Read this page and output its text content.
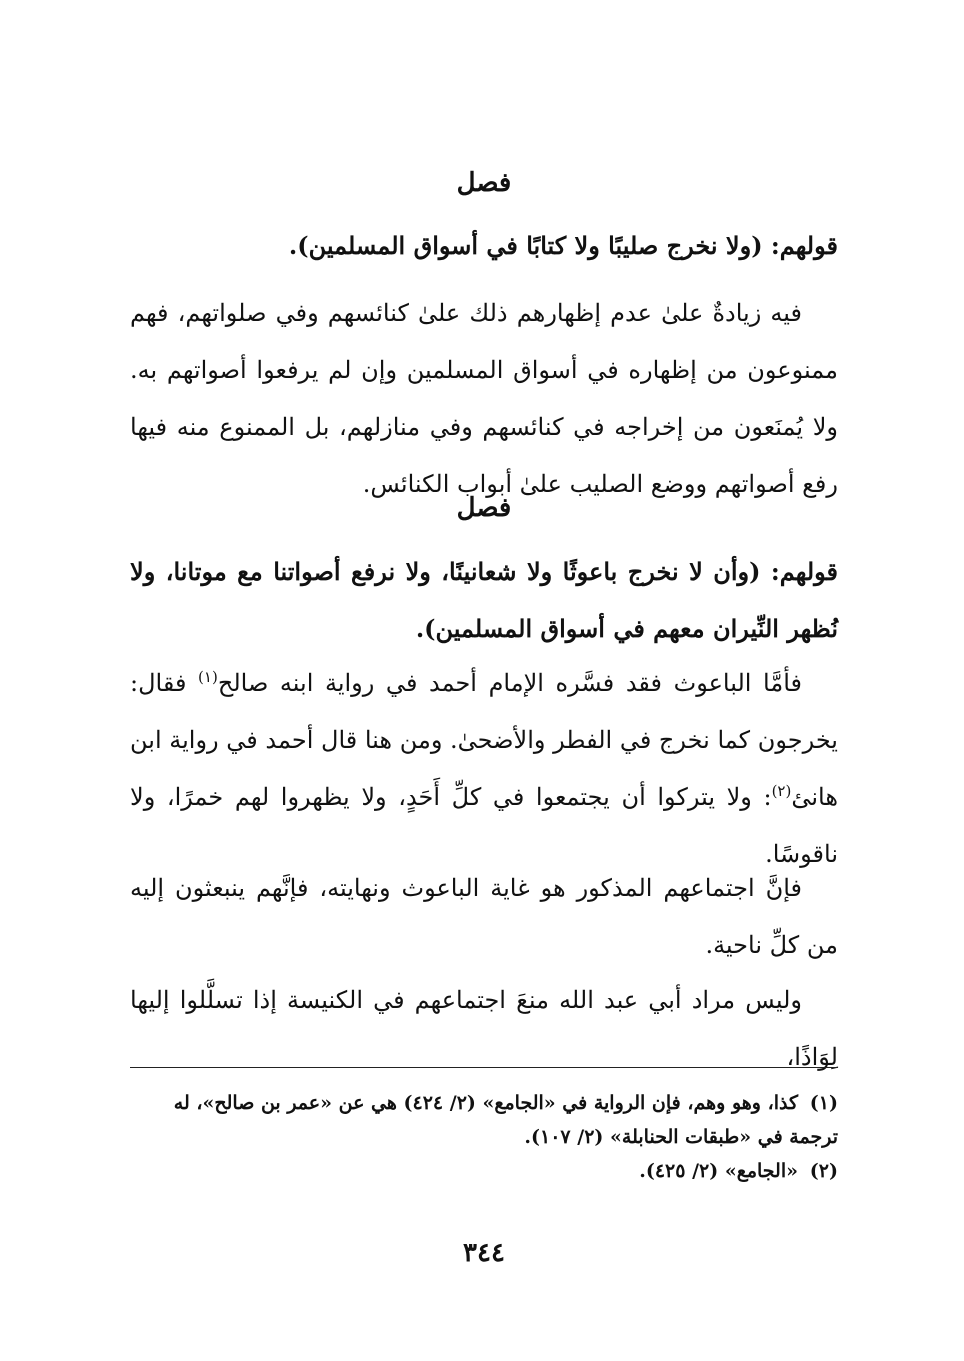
فصل
قولهم: (ولا نخرج صليبًا ولا كتابًا في أسواق المسلمين).
فيه زيادةٌ علىٰ عدم إظهارهم ذلك علىٰ كنائسهم وفي صلواتهم، فهم ممنوعون من إظهاره في أسواق المسلمين وإن لم يرفعوا أصواتهم به. ولا يُمنَعون من إخراجه في كنائسهم وفي منازلهم، بل الممنوع منه فيها رفع أصواتهم ووضع الصليب علىٰ أبواب الكنائس.
فصل
قولهم: (وأن لا نخرج باعوثًا ولا شعانينًا، ولا نرفع أصواتنا مع موتانا، ولا نُظهر النِّيران معهم في أسواق المسلمين).
فأمَّا الباعوث فقد فسَّره الإمام أحمد في رواية ابنه صالح$^{(١)}$ فقال: يخرجون كما نخرج في الفطر والأضحىٰ. ومن هنا قال أحمد في رواية ابن هانئ$^{(٢)}$: ولا يتركوا أن يجتمعوا في كلِّ أَحَدٍ، ولا يظهروا لهم خمرًا، ولا ناقوسًا.
فإنَّ اجتماعهم المذكور هو غاية الباعوث ونهايته، فإنَّهم ينبعثون إليه من كلِّ ناحية.
وليس مراد أبي عبد الله منعَ اجتماعهم في الكنيسة إذا تسلَّلوا إليها لِوَاذًا،
(١)كذا، وهو وهم، فإن الرواية في «الجامع» (٢/ ٤٢٤) هي عن «عمر بن صالح»، له ترجمة في «طبقات الحنابلة» (٢/ ١٠٧).
(٢)«الجامع» (٢/ ٤٢٥).
٣٤٤
